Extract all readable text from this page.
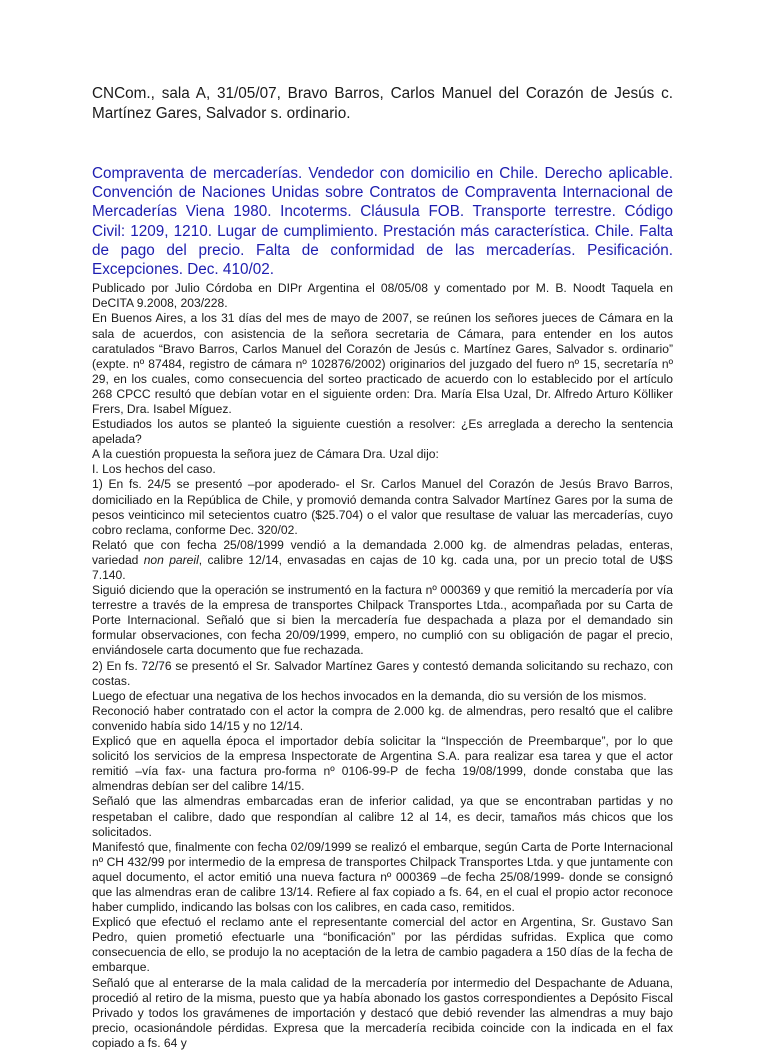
CNCom., sala A, 31/05/07, Bravo Barros, Carlos Manuel del Corazón de Jesús c. Martínez Gares, Salvador s. ordinario.

Compraventa de mercaderías. Vendedor con domicilio en Chile. Derecho aplicable. Convención de Naciones Unidas sobre Contratos de Compraventa Internacional de Mercaderías Viena 1980. Incoterms. Cláusula FOB. Transporte terrestre. Código Civil: 1209, 1210. Lugar de cumplimiento. Prestación más característica. Chile. Falta de pago del precio. Falta de conformidad de las mercaderías. Pesificación. Excepciones. Dec. 410/02.

Publicado por Julio Córdoba en DIPr Argentina el 08/05/08 y comentado por M. B. Noodt Taquela en DeCITA 9.2008, 203/228.

En Buenos Aires, a los 31 días del mes de mayo de 2007, se reúnen los señores jueces de Cámara en la sala de acuerdos, con asistencia de la señora secretaria de Cámara, para entender en los autos caratulados “Bravo Barros, Carlos Manuel del Corazón de Jesús c. Martínez Gares, Salvador s. ordinario” (expte. nº 87484, registro de cámara nº 102876/2002) originarios del juzgado del fuero nº 15, secretaría nº 29, en los cuales, como consecuencia del sorteo practicado de acuerdo con lo establecido por el artículo 268 CPCC resultó que debían votar en el siguiente orden: Dra. María Elsa Uzal, Dr. Alfredo Arturo Kölliker Frers, Dra. Isabel Míguez.

Estudiados los autos se planteó la siguiente cuestión a resolver: ¿Es arreglada a derecho la sentencia apelada?

A la cuestión propuesta la señora juez de Cámara Dra. Uzal dijo:

I. Los hechos del caso.

1) En fs. 24/5 se presentó –por apoderado- el Sr. Carlos Manuel del Corazón de Jesús Bravo Barros, domiciliado en la República de Chile, y promovió demanda contra Salvador Martínez Gares por la suma de pesos veinticinco mil setecientos cuatro ($25.704) o el valor que resultase de valuar las mercaderías, cuyo cobro reclama, conforme Dec. 320/02.

Relató que con fecha 25/08/1999 vendió a la demandada 2.000 kg. de almendras peladas, enteras, variedad non pareil, calibre 12/14, envasadas en cajas de 10 kg. cada una, por un precio total de U$S 7.140.

Siguió diciendo que la operación se instrumentó en la factura nº 000369 y que remitió la mercadería por vía terrestre a través de la empresa de transportes Chilpack Transportes Ltda., acompañada por su Carta de Porte Internacional. Señaló que si bien la mercadería fue despachada a plaza por el demandado sin formular observaciones, con fecha 20/09/1999, empero, no cumplió con su obligación de pagar el precio, enviándosele carta documento que fue rechazada.

2) En fs. 72/76 se presentó el Sr. Salvador Martínez Gares y contestó demanda solicitando su rechazo, con costas.

Luego de efectuar una negativa de los hechos invocados en la demanda, dio su versión de los mismos.

Reconoció haber contratado con el actor la compra de 2.000 kg. de almendras, pero resaltó que el calibre convenido había sido 14/15 y no 12/14.

Explicó que en aquella época el importador debía solicitar la “Inspección de Preembarque”, por lo que solicitó los servicios de la empresa Inspectorate de Argentina S.A. para realizar esa tarea y que el actor remitió –vía fax- una factura pro-forma nº 0106-99-P de fecha 19/08/1999, donde constaba que las almendras debían ser del calibre 14/15.

Señaló que las almendras embarcadas eran de inferior calidad, ya que se encontraban partidas y no respetaban el calibre, dado que respondían al calibre 12 al 14, es decir, tamaños más chicos que los solicitados.

Manifestó que, finalmente con fecha 02/09/1999 se realizó el embarque, según Carta de Porte Internacional nº CH 432/99 por intermedio de la empresa de transportes Chilpack Transportes Ltda. y que juntamente con aquel documento, el actor emitió una nueva factura nº 000369 –de fecha 25/08/1999- donde se consignó que las almendras eran de calibre 13/14. Refiere al fax copiado a fs. 64, en el cual el propio actor reconoce haber cumplido, indicando las bolsas con los calibres, en cada caso, remitidos.

Explicó que efectuó el reclamo ante el representante comercial del actor en Argentina, Sr. Gustavo San Pedro, quien prometió efectuarle una “bonificación” por las pérdidas sufridas. Explica que como consecuencia de ello, se produjo la no aceptación de la letra de cambio pagadera a 150 días de la fecha de embarque.

Señaló que al enterarse de la mala calidad de la mercadería por intermedio del Despachante de Aduana, procedió al retiro de la misma, puesto que ya había abonado los gastos correspondientes a Depósito Fiscal Privado y todos los gravámenes de importación y destacó que debió revender las almendras a muy bajo precio, ocasionándole pérdidas. Expresa que la mercadería recibida coincide con la indicada en el fax copiado a fs. 64 y
